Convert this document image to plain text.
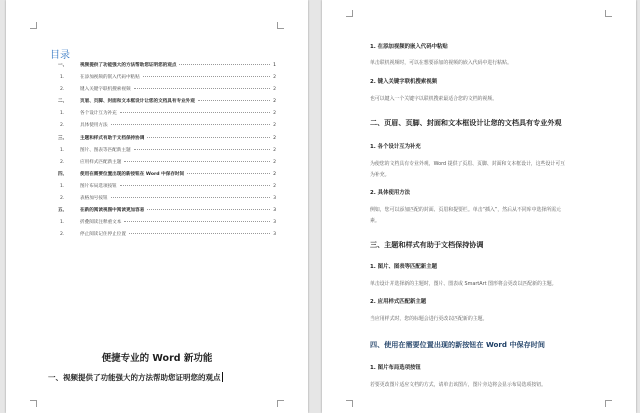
目录
一、	视频提供了功能强大的方法帮助您证明您的观点	1
1.	在添加视频的嵌入代码中粘贴	2
2.	键入关键字联机搜索视频	2
二、	页眉、页脚、封面和文本框设计让您的文档具有专业外观	2
1.	各个设计互为补充	2
2.	具体使用方法	2
三、	主题和样式有助于文档保持协调	2
1.	图片、图表等匹配新主题	2
2.	应用样式匹配新主题	2
四、	使用在需要位置出现的新按钮在 Word 中保存时间	2
1.	图片布局选项按钮	2
2.	表格加号按钮	3
五、	在新的阅读视图中阅读更加容易	3
1.	折叠阅读注释重文本	3
2.	停止阅读记住停止位置	3
便捷专业的 Word 新功能
一、视频提供了功能强大的方法帮助您证明您的观点
1. 在添加视频的嵌入代码中粘贴
单击联机视频时，可以在想要添加的视频的嵌入代码中进行粘贴。
2. 键入关键字联机搜索视频
也可以键入一个关键字以联机搜索最适合您的文档的视频。
二、页眉、页脚、封面和文本框设计让您的文档具有专业外观
1. 各个设计互为补充
为使您的文档具有专业外观，Word 提供了页眉、页脚、封面和文本框设计，这些设计可互
为补充。
2. 具体使用方法
例如，您可以添加匹配的封面、页眉和提要栏。单击“插入”，然后从不同库中选择所需元
素。
三、主题和样式有助于文档保持协调
1. 图片、图表等匹配新主题
单击设计并选择新的主题时，图片、图表或 SmartArt 图形将会更改以匹配新的主题。
2. 应用样式匹配新主题
当应用样式时，您的标题会进行更改以匹配新的主题。
四、使用在需要位置出现的新按钮在 Word 中保存时间
1. 图片布局选项按钮
若要更改图片适应文档的方式，请单击该图片，图片旁边将会显示布局选项按钮。
